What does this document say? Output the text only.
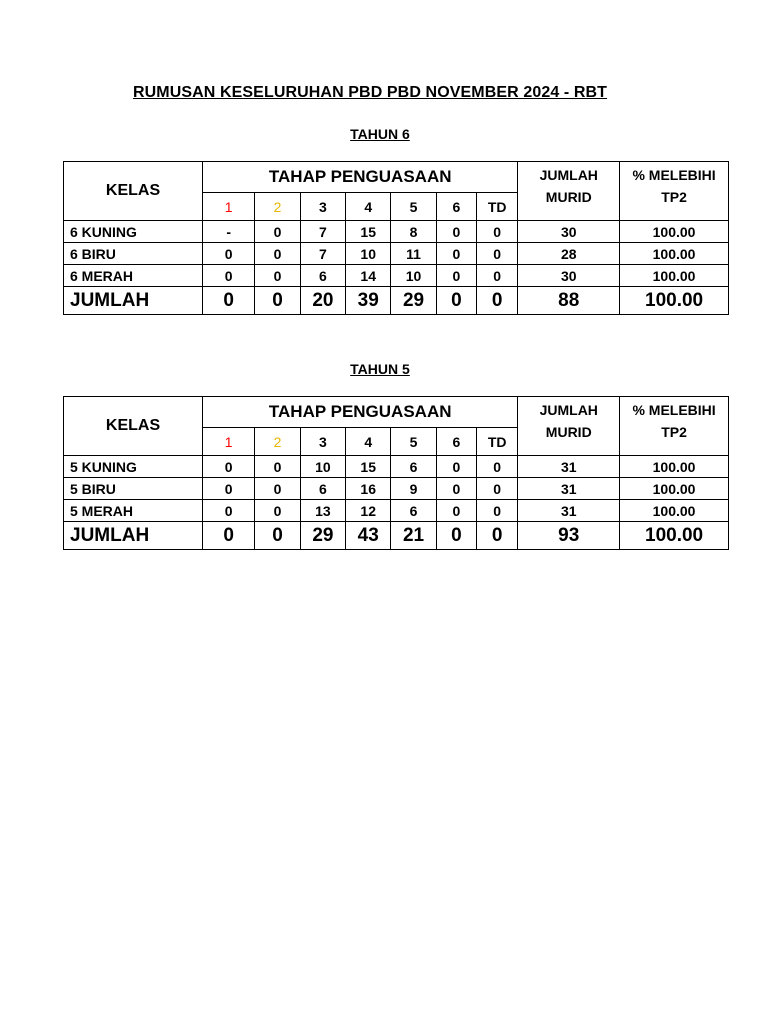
RUMUSAN KESELURUHAN PBD PBD NOVEMBER 2024 - RBT
TAHUN 6
KELAS	TAHAP PENGUASAAN							JUMLAH MURID	% MELEBIHI TP2
	1	2	3	4	5	6	TD		
6 KUNING	-	0	7	15	8	0	0	30	100.00
6 BIRU	0	0	7	10	11	0	0	28	100.00
6 MERAH	0	0	6	14	10	0	0	30	100.00
JUMLAH	0	0	20	39	29	0	0	88	100.00
TAHUN 5
KELAS	TAHAP PENGUASAAN							JUMLAH MURID	% MELEBIHI TP2
	1	2	3	4	5	6	TD		
5 KUNING	0	0	10	15	6	0	0	31	100.00
5 BIRU	0	0	6	16	9	0	0	31	100.00
5 MERAH	0	0	13	12	6	0	0	31	100.00
JUMLAH	0	0	29	43	21	0	0	93	100.00
